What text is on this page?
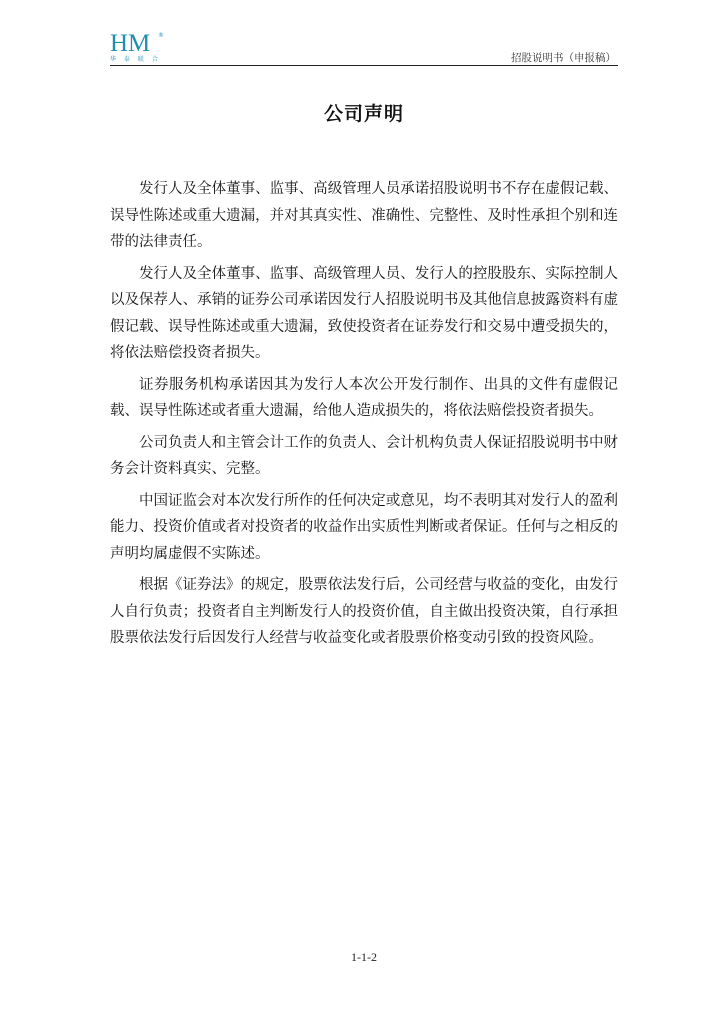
HM	®
华 泰 联 合	招股说明书（申报稿）
公司声明

发行人及全体董事、监事、高级管理人员承诺招股说明书不存在虚假记载、误导性陈述或重大遗漏，并对其真实性、准确性、完整性、及时性承担个别和连带的法律责任。

发行人及全体董事、监事、高级管理人员、发行人的控股股东、实际控制人以及保荐人、承销的证券公司承诺因发行人招股说明书及其他信息披露资料有虚假记载、误导性陈述或重大遗漏，致使投资者在证券发行和交易中遭受损失的，将依法赔偿投资者损失。

证券服务机构承诺因其为发行人本次公开发行制作、出具的文件有虚假记载、误导性陈述或者重大遗漏，给他人造成损失的，将依法赔偿投资者损失。

公司负责人和主管会计工作的负责人、会计机构负责人保证招股说明书中财务会计资料真实、完整。

中国证监会对本次发行所作的任何决定或意见，均不表明其对发行人的盈利能力、投资价值或者对投资者的收益作出实质性判断或者保证。任何与之相反的声明均属虚假不实陈述。

根据《证券法》的规定，股票依法发行后，公司经营与收益的变化，由发行人自行负责；投资者自主判断发行人的投资价值，自主做出投资决策，自行承担股票依法发行后因发行人经营与收益变化或者股票价格变动引致的投资风险。

1-1-2
